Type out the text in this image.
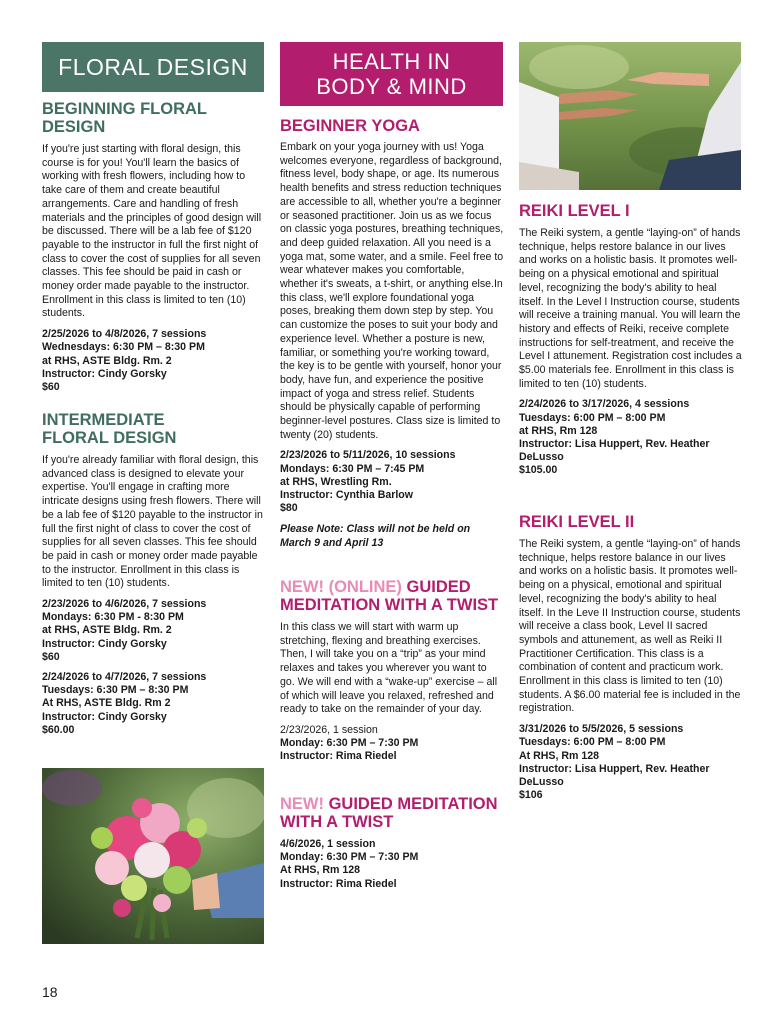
FLORAL DESIGN
BEGINNING FLORAL
DESIGN

If you're just starting with floral design, this course is for you! You'll learn the basics of working with fresh flowers, including how to take care of them and create beautiful arrangements. Care and handling of fresh materials and the principles of good design will be discussed. There will be a lab fee of $120 payable to the instructor in full the first night of class to cover the cost of supplies for all seven classes. This fee should be paid in cash or money order made payable to the instructor. Enrollment in this class is limited to ten (10) students.

2/25/2026 to 4/8/2026, 7 sessions

Wednesdays: 6:30 PM – 8:30 PM

at RHS, ASTE Bldg. Rm. 2

Instructor: Cindy Gorsky

$60

INTERMEDIATE
FLORAL DESIGN

If you're already familiar with floral design, this advanced class is designed to elevate your expertise. You'll engage in crafting more intricate designs using fresh flowers. There will be a lab fee of $120 payable to the instructor in full the first night of class to cover the cost of supplies for all seven classes. This fee should be paid in cash or money order made payable to the instructor. Enrollment in this class is limited to ten (10) students.

2/23/2026 to 4/6/2026, 7 sessions

Mondays: 6:30 PM - 8:30 PM

at RHS, ASTE Bldg. Rm. 2

Instructor: Cindy Gorsky

$60

2/24/2026 to 4/7/2026, 7 sessions

Tuesdays: 6:30 PM – 8:30 PM

At RHS, ASTE Bldg. Rm 2

Instructor: Cindy Gorsky

$60.00

HEALTH IN
BODY & MIND
BEGINNER YOGA

Embark on your yoga journey with us! Yoga welcomes everyone, regardless of background, fitness level, body shape, or age. Its numerous health benefits and stress reduction techniques are accessible to all, whether you're a beginner or seasoned practitioner. Join us as we focus on classic yoga postures, breathing techniques, and deep guided relaxation. All you need is a yoga mat, some water, and a smile. Feel free to wear whatever makes you comfortable, whether it's sweats, a t-shirt, or anything else.In this class, we'll explore foundational yoga poses, breaking them down step by step. You can customize the poses to suit your body and experience level. Whether a posture is new, familiar, or something you're working toward, the key is to be gentle with yourself, honor your body, have fun, and experience the positive impact of yoga and stress relief. Students should be physically capable of performing beginner-level postures. Class size is limited to twenty (20) students.

2/23/2026 to 5/11/2026, 10 sessions

Mondays: 6:30 PM – 7:45 PM

at RHS, Wrestling Rm.

Instructor: Cynthia Barlow

$80

Please Note: Class will not be held on

March 9 and April 13

NEW! (ONLINE) GUIDED
MEDITATION WITH A TWIST

In this class we will start with warm up stretching, flexing and breathing exercises. Then, I will take you on a “trip” as your mind relaxes and takes you wherever you want to go. We will end with a “wake-up” exercise – all of which will leave you relaxed, refreshed and ready to take on the remainder of your day.

2/23/2026, 1 session

Monday: 6:30 PM – 7:30 PM

Instructor: Rima Riedel

NEW! GUIDED MEDITATION
WITH A TWIST

4/6/2026, 1 session

Monday: 6:30 PM – 7:30 PM

At RHS, Rm 128

Instructor: Rima Riedel

REIKI LEVEL I

The Reiki system, a gentle “laying-on” of hands technique, helps restore balance in our lives and works on a holistic basis. It promotes well-being on a physical emotional and spiritual level, recognizing the body's ability to heal itself. In the Level I Instruction course, students will receive a training manual. You will learn the history and effects of Reiki, receive complete instructions for self-treatment, and receive the Level I attunement. Registration cost includes a $5.00 materials fee. Enrollment in this class is limited to ten (10) students.

2/24/2026 to 3/17/2026, 4 sessions

Tuesdays: 6:00 PM – 8:00 PM

at RHS, Rm 128

Instructor: Lisa Huppert, Rev. Heather

DeLusso

$105.00

REIKI LEVEL II

The Reiki system, a gentle “laying-on” of hands technique, helps restore balance in our lives and works on a holistic basis. It promotes well-being on a physical, emotional and spiritual level, recognizing the body's ability to heal itself. In the Leve II Instruction course, students will receive a class book, Level II sacred symbols and attunement, as well as Reiki II Practitioner Certification. This class is a combination of content and practicum work. Enrollment in this class is limited to ten (10) students. A $6.00 material fee is included in the registration.

3/31/2026 to 5/5/2026, 5 sessions

Tuesdays: 6:00 PM – 8:00 PM

At RHS, Rm 128

Instructor: Lisa Huppert, Rev. Heather

DeLusso

$106

18
